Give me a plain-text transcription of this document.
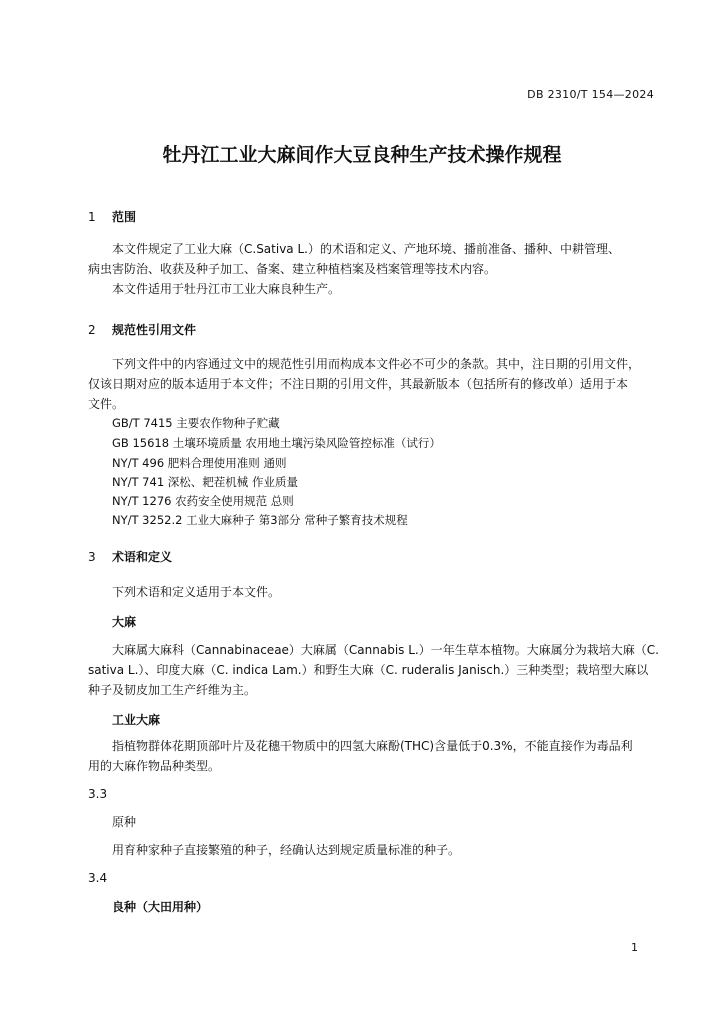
DB 2310/T 154—2024
牡丹江工业大麻间作大豆良种生产技术操作规程
1 范围
本文件规定了工业大麻（C.Sativa L.）的术语和定义、产地环境、播前准备、播种、中耕管理、
病虫害防治、收获及种子加工、备案、建立种植档案及档案管理等技术内容。
本文件适用于牡丹江市工业大麻良种生产。
2 规范性引用文件
下列文件中的内容通过文中的规范性引用而构成本文件必不可少的条款。其中，注日期的引用文件，
仅该日期对应的版本适用于本文件；不注日期的引用文件，其最新版本（包括所有的修改单）适用于本
文件。
GB/T 7415 主要农作物种子贮藏
GB 15618 土壤环境质量 农用地土壤污染风险管控标准（试行）
NY/T 496 肥料合理使用准则 通则
NY/T 741 深松、耙茬机械 作业质量
NY/T 1276 农药安全使用规范 总则
NY/T 3252.2 工业大麻种子 第3部分 常种子繁育技术规程
3 术语和定义
下列术语和定义适用于本文件。
大麻
大麻属大麻科（Cannabinaceae）大麻属（Cannabis L.）一年生草本植物。大麻属分为栽培大麻（C.
sativa L.）、印度大麻（C. indica Lam.）和野生大麻（C. ruderalis Janisch.）三种类型；栽培型大麻以
种子及韧皮加工生产纤维为主。
工业大麻
指植物群体花期顶部叶片及花穗干物质中的四氢大麻酚(THC)含量低于0.3%，不能直接作为毒品利
用的大麻作物品种类型。
3.3
原种
用育种家种子直接繁殖的种子，经确认达到规定质量标准的种子。
3.4
良种（大田用种）
1
